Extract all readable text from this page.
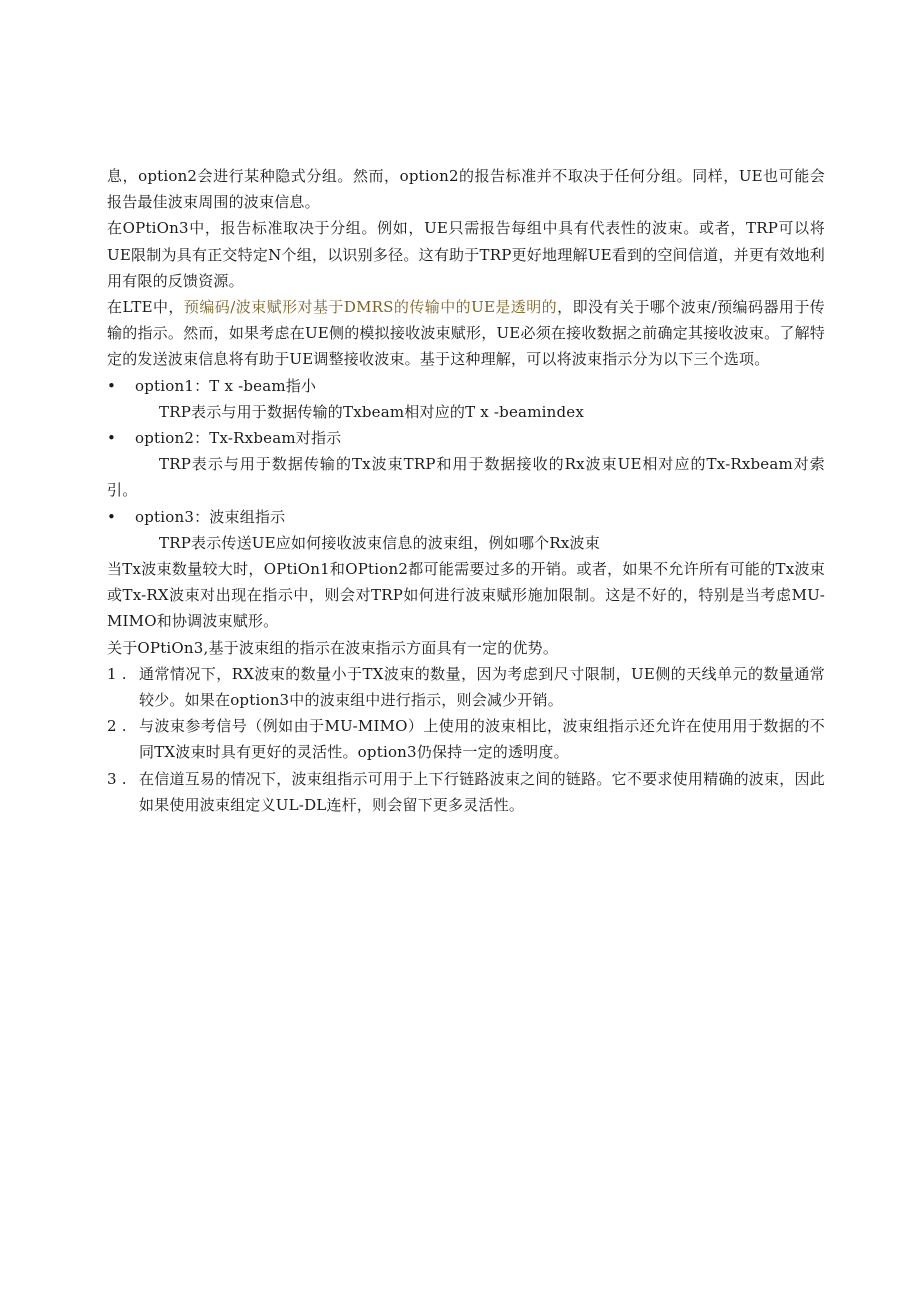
息，option2会进行某种隐式分组。然而，option2的报告标准并不取决于任何分组。同样，UE也可能会报告最佳波束周围的波束信息。

在OPtiOn3中，报告标准取决于分组。例如，UE只需报告每组中具有代表性的波束。或者，TRP可以将UE限制为具有正交特定N个组，以识别多径。这有助于TRP更好地理解UE看到的空间信道，并更有效地利用有限的反馈资源。

在LTE中，预编码/波束赋形对基于DMRS的传输中的UE是透明的，即没有关于哪个波束/预编码器用于传输的指示。然而，如果考虑在UE侧的模拟接收波束赋形，UE必须在接收数据之前确定其接收波束。了解特定的发送波束信息将有助于UE调整接收波束。基于这种理解，可以将波束指示分为以下三个选项。

• option1：T x -beam指小

TRP表示与用于数据传输的Txbeam相对应的T x -beamindex

• option2：Tx-Rxbeam对指示

TRP表示与用于数据传输的Tx波束TRP和用于数据接收的Rx波束UE相对应的Tx-Rxbeam对索引。

• option3：波束组指示

TRP表示传送UE应如何接收波束信息的波束组，例如哪个Rx波束

当Tx波束数量较大时，OPtiOn1和OPtion2都可能需要过多的开销。或者，如果不允许所有可能的Tx波束或Tx-RX波束对出现在指示中，则会对TRP如何进行波束赋形施加限制。这是不好的，特别是当考虑MU-MIMO和协调波束赋形。

关于OPtiOn3,基于波束组的指示在波束指示方面具有一定的优势。

1 . 通常情况下，RX波束的数量小于TX波束的数量，因为考虑到尺寸限制，UE侧的天线单元的数量通常较少。如果在option3中的波束组中进行指示，则会减少开销。

2 . 与波束参考信号（例如由于MU-MIMO）上使用的波束相比，波束组指示还允许在使用用于数据的不同TX波束时具有更好的灵活性。option3仍保持一定的透明度。

3 . 在信道互易的情况下，波束组指示可用于上下行链路波束之间的链路。它不要求使用精确的波束，因此如果使用波束组定义UL-DL连杆，则会留下更多灵活性。
